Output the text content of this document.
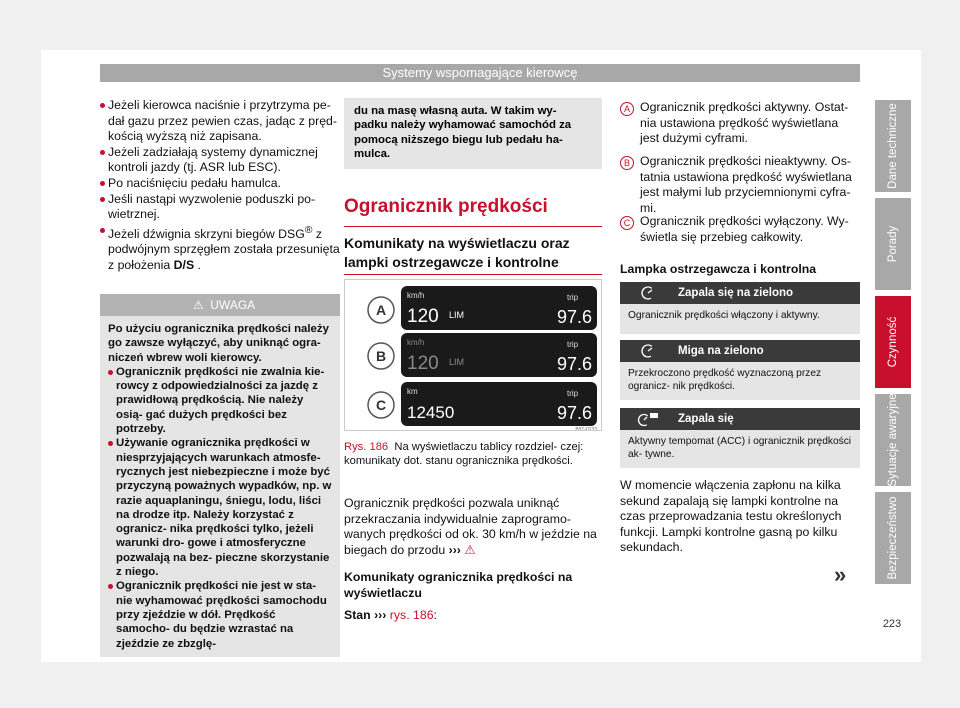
Systemy wspomagające kierowcę
Jeżeli kierowca naciśnie i przytrzyma pe- dał gazu przez pewien czas, jadąc z pręd- kością wyższą niż zapisana.
Jeżeli zadziałają systemy dynamicznej kontroli jazdy (tj. ASR lub ESC).
Po naciśnięciu pedału hamulca.
Jeśli nastąpi wyzwolenie poduszki po- wietrznej.
Jeżeli dźwignia skrzyni biegów DSG® z podwójnym sprzęgłem została przesunięta z położenia D/S .
⚠ UWAGA
Po użyciu ogranicznika prędkości należy go zawsze wyłączyć, aby uniknąć ogra- niczeń wbrew woli kierowcy.
Ogranicznik prędkości nie zwalnia kie- rowcy z odpowiedzialności za jazdę z prawidłową prędkością. Nie należy osią- gać dużych prędkości bez potrzeby.
Używanie ogranicznika prędkości w niesprzyjających warunkach atmosfe- rycznych jest niebezpieczne i może być przyczyną poważnych wypadków, np. w razie aquaplaningu, śniegu, lodu, liści na drodze itp. Należy korzystać z ogranicz- nika prędkości tylko, jeżeli warunki dro- gowe i atmosferyczne pozwalają na bez- pieczne skorzystanie z niego.
Ogranicznik prędkości nie jest w sta- nie wyhamować prędkości samochodu przy zjeździe w dół. Prędkość samocho- du będzie wzrastać na zjeździe ze zbzglę-
du na masę własną auta. W takim wy- padku należy wyhamować samochód za pomocą niższego biegu lub pedału ha- mulca.
Ogranicznik prędkości
Komunikaty na wyświetlaczu oraz lampki ostrzegawcze i kontrolne
A
km/h
120 LIM
trip
97.6
B
km/h
120 LIM
trip
97.6
C
km
12450
trip
97.6
B5T-0133
Rys. 186 Na wyświetlaczu tablicy rozdziel- czej: komunikaty dot. stanu ogranicznika prędkości.
Ogranicznik prędkości pozwala uniknąć przekraczania indywidualnie zaprogramo- wanych prędkości od ok. 30 km/h w jeździe na biegach do przodu ››› ⚠
Komunikaty ogranicznika prędkości na wyświetlaczu
Stan ››› rys. 186:
A Ogranicznik prędkości aktywny. Ostat- nia ustawiona prędkość wyświetlana jest dużymi cyframi.
B Ogranicznik prędkości nieaktywny. Os- tatnia ustawiona prędkość wyświetlana jest małymi lub przyciemnionymi cyfra- mi.
C Ogranicznik prędkości wyłączony. Wy- świetla się przebieg całkowity.
Lampka ostrzegawcza i kontrolna
Zapala się na zielono
Ogranicznik prędkości włączony i aktywny.
Miga na zielono
Przekroczono prędkość wyznaczoną przez ogranicz- nik prędkości.
Zapala się
Aktywny tempomat (ACC) i ogranicznik prędkości ak- tywne.
W momencie włączenia zapłonu na kilka sekund zapalają się lampki kontrolne na czas przeprowadzania testu określonych funkcji. Lampki kontrolne gasną po kilku sekundach.
»
Dane techniczne
Porady
Czynność
Sytuacje awaryjne
Bezpieczeństwo
223
